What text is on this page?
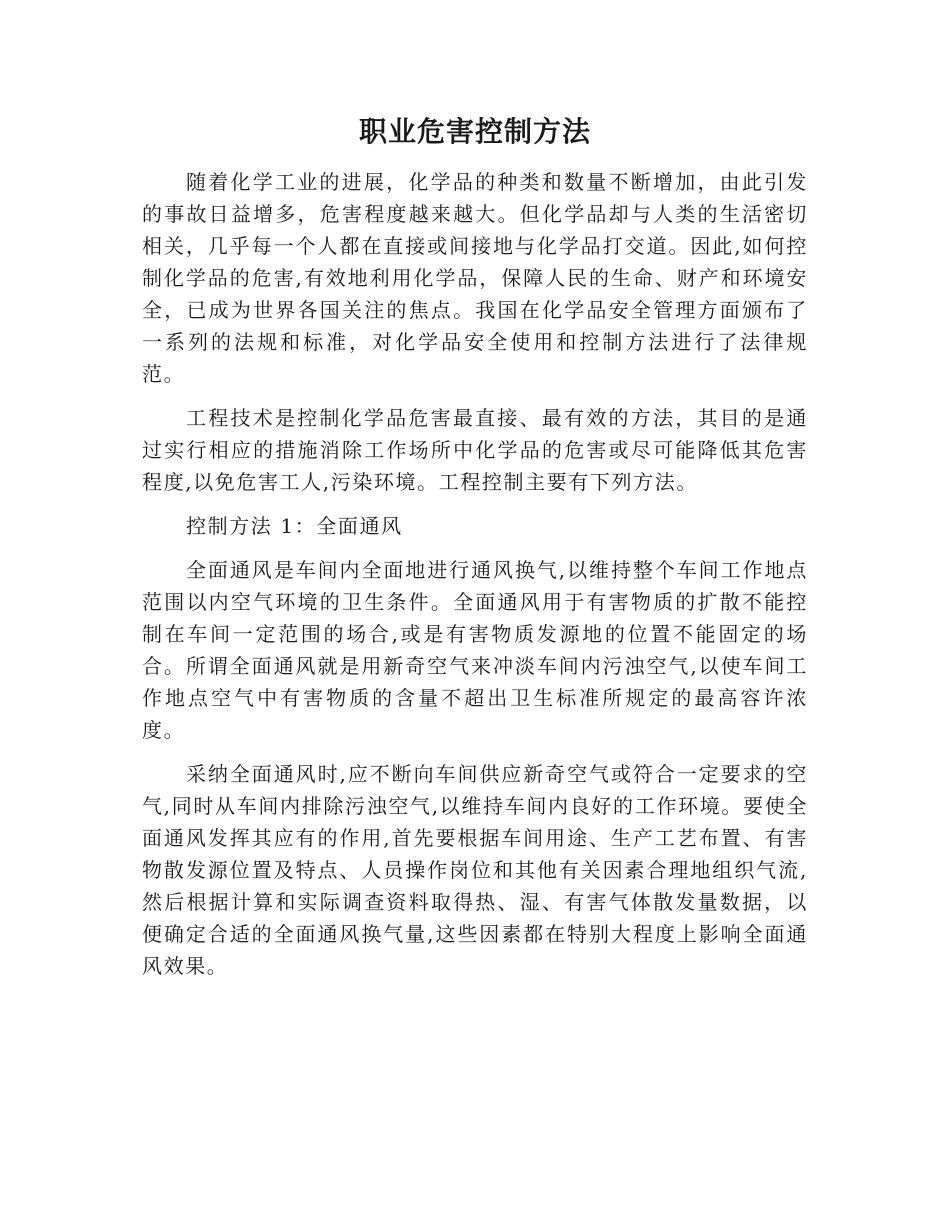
职业危害控制方法

随着化学工业的进展，化学品的种类和数量不断增加，由此引发的事故日益增多，危害程度越来越大。但化学品却与人类的生活密切相关，几乎每一个人都在直接或间接地与化学品打交道。因此,如何控制化学品的危害,有效地利用化学品，保障人民的生命、财产和环境安全，已成为世界各国关注的焦点。我国在化学品安全管理方面颁布了一系列的法规和标准，对化学品安全使用和控制方法进行了法律规范。

工程技术是控制化学品危害最直接、最有效的方法，其目的是通过实行相应的措施消除工作场所中化学品的危害或尽可能降低其危害程度,以免危害工人,污染环境。工程控制主要有下列方法。

控制方法 1：全面通风

全面通风是车间内全面地进行通风换气,以维持整个车间工作地点范围以内空气环境的卫生条件。全面通风用于有害物质的扩散不能控制在车间一定范围的场合,或是有害物质发源地的位置不能固定的场合。所谓全面通风就是用新奇空气来冲淡车间内污浊空气,以使车间工作地点空气中有害物质的含量不超出卫生标准所规定的最高容许浓度。

采纳全面通风时,应不断向车间供应新奇空气或符合一定要求的空气,同时从车间内排除污浊空气,以维持车间内良好的工作环境。要使全面通风发挥其应有的作用,首先要根据车间用途、生产工艺布置、有害物散发源位置及特点、人员操作岗位和其他有关因素合理地组织气流,然后根据计算和实际调查资料取得热、湿、有害气体散发量数据，以便确定合适的全面通风换气量,这些因素都在特别大程度上影响全面通风效果。
